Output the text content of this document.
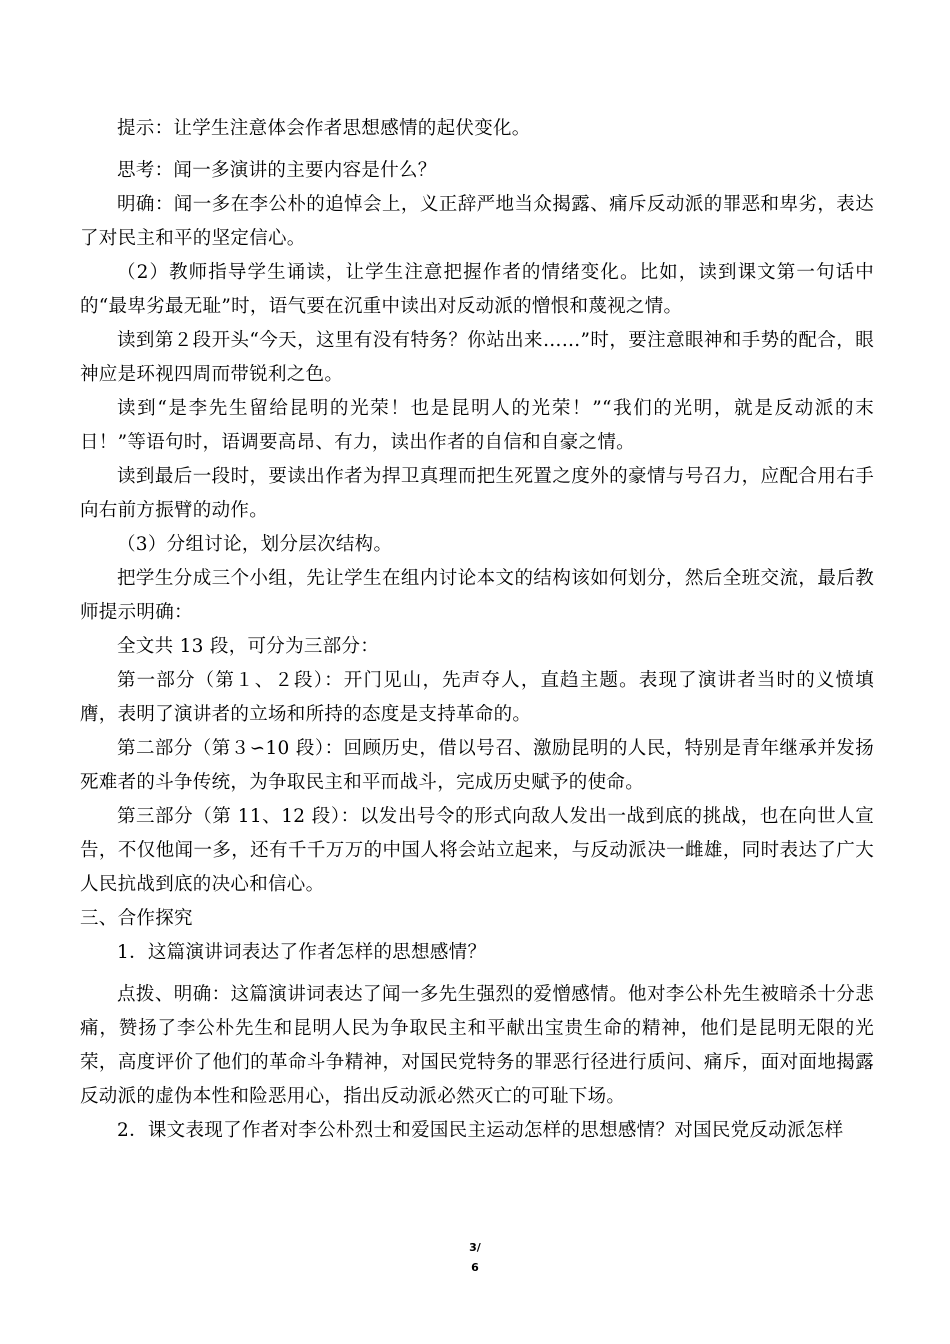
提示：让学生注意体会作者思想感情的起伏变化。

思考：闻一多演讲的主要内容是什么？

明确：闻一多在李公朴的追悼会上，义正辞严地当众揭露、痛斥反动派的罪恶和卑劣，表达了对民主和平的坚定信心。

（2）教师指导学生诵读，让学生注意把握作者的情绪变化。比如，读到课文第一句话中的“最卑劣最无耻”时，语气要在沉重中读出对反动派的憎恨和蔑视之情。

读到第２段开头“今天，这里有没有特务？你站出来……”时，要注意眼神和手势的配合，眼神应是环视四周而带锐利之色。

读到“是李先生留给昆明的光荣！也是昆明人的光荣！”“我们的光明，就是反动派的末日！”等语句时，语调要高昂、有力，读出作者的自信和自豪之情。

读到最后一段时，要读出作者为捍卫真理而把生死置之度外的豪情与号召力，应配合用右手向右前方振臂的动作。

（3）分组讨论，划分层次结构。

把学生分成三个小组，先让学生在组内讨论本文的结构该如何划分，然后全班交流，最后教师提示明确：

全文共 13 段，可分为三部分：

第一部分（第１、２段）：开门见山，先声夺人，直趋主题。表现了演讲者当时的义愤填膺，表明了演讲者的立场和所持的态度是支持革命的。

第二部分（第３∽10 段）：回顾历史，借以号召、激励昆明的人民，特别是青年继承并发扬死难者的斗争传统，为争取民主和平而战斗，完成历史赋予的使命。

第三部分（第 11、12 段）：以发出号令的形式向敌人发出一战到底的挑战，也在向世人宣告，不仅他闻一多，还有千千万万的中国人将会站立起来，与反动派决一雌雄，同时表达了广大人民抗战到底的决心和信心。

三、合作探究

1．这篇演讲词表达了作者怎样的思想感情？

点拨、明确：这篇演讲词表达了闻一多先生强烈的爱憎感情。他对李公朴先生被暗杀十分悲痛，赞扬了李公朴先生和昆明人民为争取民主和平献出宝贵生命的精神，他们是昆明无限的光荣，高度评价了他们的革命斗争精神，对国民党特务的罪恶行径进行质问、痛斥，面对面地揭露反动派的虚伪本性和险恶用心，指出反动派必然灭亡的可耻下场。

2．课文表现了作者对李公朴烈士和爱国民主运动怎样的思想感情？对国民党反动派怎样

3/
6
